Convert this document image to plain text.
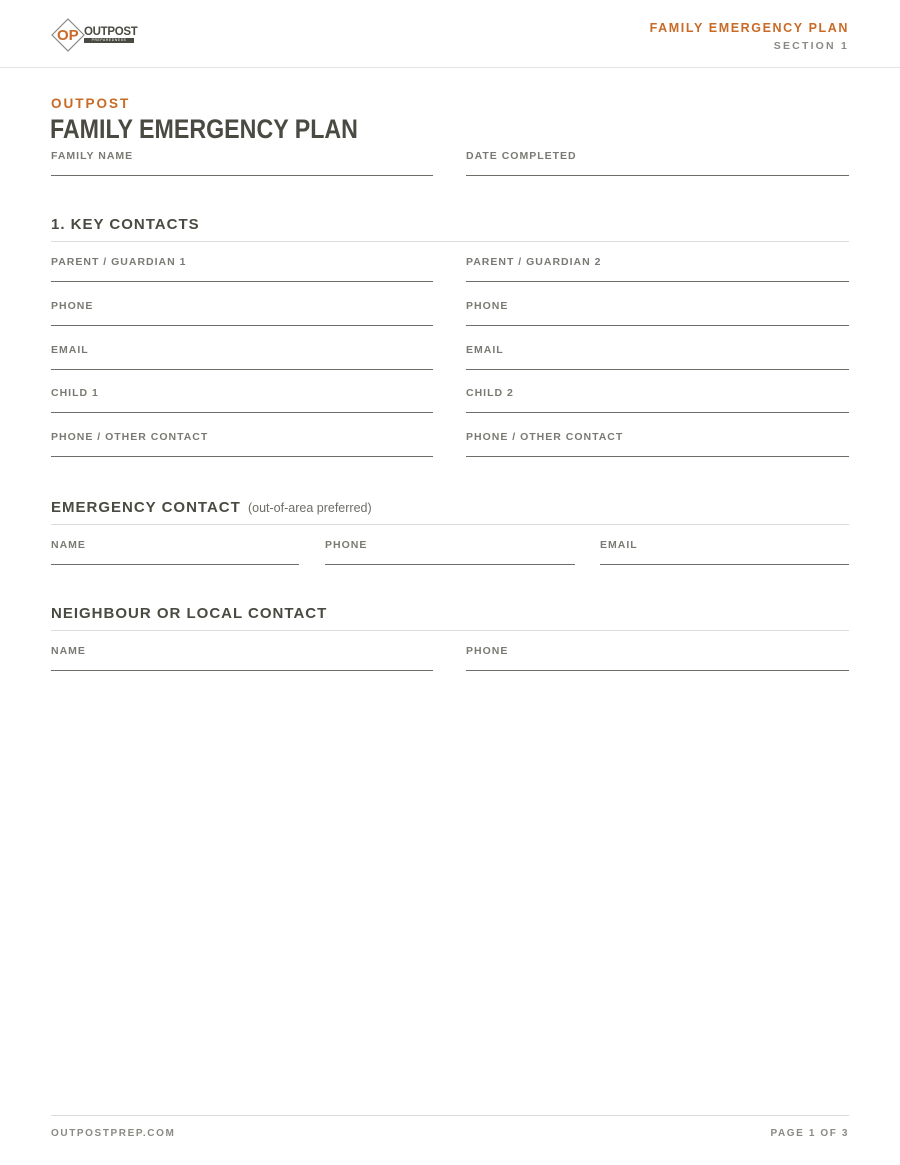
OP OUTPOST
PREPAREDNESS
FAMILY EMERGENCY PLAN
SECTION 1
OUTPOST
FAMILY EMERGENCY PLAN
FAMILY NAME	DATE COMPLETED
1. KEY CONTACTS
PARENT / GUARDIAN 1	PARENT / GUARDIAN 2
PHONE	PHONE
EMAIL	EMAIL
CHILD 1	CHILD 2
PHONE / OTHER CONTACT	PHONE / OTHER CONTACT
EMERGENCY CONTACT (out-of-area preferred)
NAME	PHONE	EMAIL
NEIGHBOUR OR LOCAL CONTACT
NAME	PHONE
OUTPOSTPREP.COM	PAGE 1 OF 3
